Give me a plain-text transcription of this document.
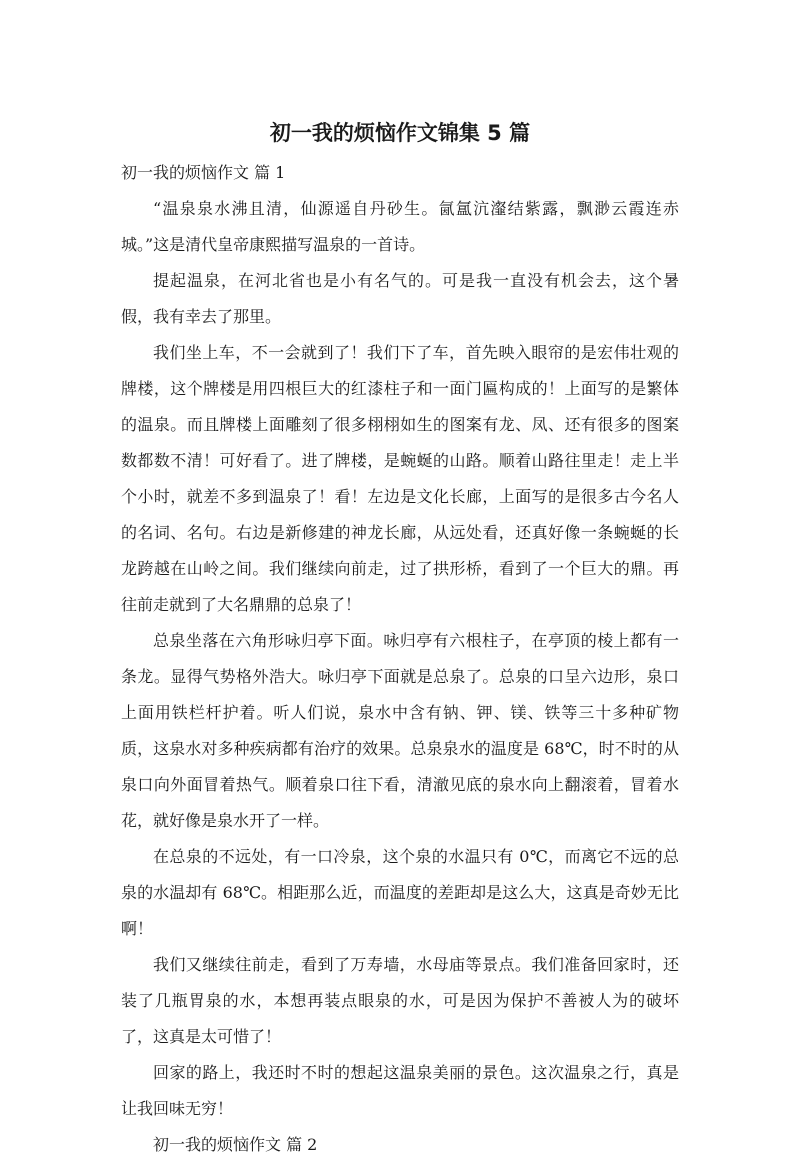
初一我的烦恼作文锦集 5 篇

初一我的烦恼作文 篇 1

“温泉泉水沸且清，仙源遥自丹砂生。氤氲沆瀣结紫露，飘渺云霞连赤城。”这是清代皇帝康熙描写温泉的一首诗。

提起温泉，在河北省也是小有名气的。可是我一直没有机会去，这个暑假，我有幸去了那里。

我们坐上车，不一会就到了！我们下了车，首先映入眼帘的是宏伟壮观的牌楼，这个牌楼是用四根巨大的红漆柱子和一面门匾构成的！上面写的是繁体的温泉。而且牌楼上面雕刻了很多栩栩如生的图案有龙、凤、还有很多的图案数都数不清！可好看了。进了牌楼，是蜿蜒的山路。顺着山路往里走！走上半个小时，就差不多到温泉了！看！左边是文化长廊，上面写的是很多古今名人的名词、名句。右边是新修建的神龙长廊，从远处看，还真好像一条蜿蜒的长龙跨越在山岭之间。我们继续向前走，过了拱形桥，看到了一个巨大的鼎。再往前走就到了大名鼎鼎的总泉了！

总泉坐落在六角形咏归亭下面。咏归亭有六根柱子，在亭顶的棱上都有一条龙。显得气势格外浩大。咏归亭下面就是总泉了。总泉的口呈六边形，泉口上面用铁栏杆护着。听人们说，泉水中含有钠、钾、镁、铁等三十多种矿物质，这泉水对多种疾病都有治疗的效果。总泉泉水的温度是 68℃，时不时的从泉口向外面冒着热气。顺着泉口往下看，清澈见底的泉水向上翻滚着，冒着水花，就好像是泉水开了一样。

在总泉的不远处，有一口冷泉，这个泉的水温只有 0℃，而离它不远的总泉的水温却有 68℃。相距那么近，而温度的差距却是这么大，这真是奇妙无比啊！

我们又继续往前走，看到了万寿墙，水母庙等景点。我们准备回家时，还装了几瓶胃泉的水，本想再装点眼泉的水，可是因为保护不善被人为的破坏了，这真是太可惜了！

回家的路上，我还时不时的想起这温泉美丽的景色。这次温泉之行，真是让我回味无穷！

初一我的烦恼作文 篇 2
